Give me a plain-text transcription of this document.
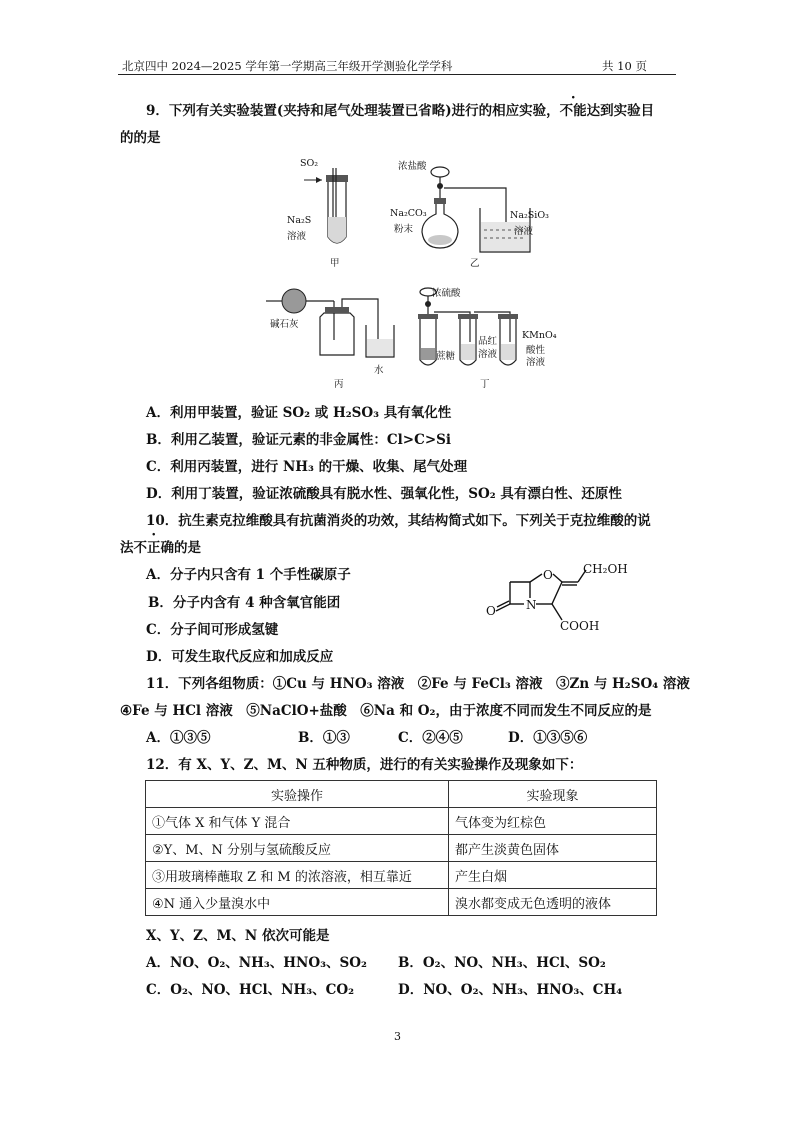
北京四中 2024—2025 学年第一学期高三年级开学测验化学学科	共 10 页
9．下列有关实验装置(夹持和尾气处理装置已省略)进行的相应实验，不能达到实验目
的的是
SO₂
Na₂S
溶液
甲
浓盐酸
Na₂CO₃
粉末
Na₂SiO₃
溶液
乙
碱石灰
水
丙
浓硫酸
蔗糖
品红
溶液
KMnO₄
酸性
溶液
丁
A．利用甲装置，验证 SO₂ 或 H₂SO₃ 具有氧化性
B．利用乙装置，验证元素的非金属性：Cl>C>Si
C．利用丙装置，进行 NH₃ 的干燥、收集、尾气处理
D．利用丁装置，验证浓硫酸具有脱水性、强氧化性，SO₂ 具有漂白性、还原性
10．抗生素克拉维酸具有抗菌消炎的功效，其结构简式如下。下列关于克拉维酸的说
法不正确的是
A．分子内只含有 1 个手性碳原子
B．分子内含有 4 种含氧官能团
C．分子间可形成氢键
D．可发生取代反应和加成反应
CH₂OH
O
N
O
COOH
11．下列各组物质：①Cu 与 HNO₃ 溶液　②Fe 与 FeCl₃ 溶液　③Zn 与 H₂SO₄ 溶液
④Fe 与 HCl 溶液　⑤NaClO+盐酸　⑥Na 和 O₂，由于浓度不同而发生不同反应的是
A．①③⑤	B．①③	C．②④⑤	D．①③⑤⑥
12．有 X、Y、Z、M、N 五种物质，进行的有关实验操作及现象如下：
实验操作	实验现象
①气体 X 和气体 Y 混合	气体变为红棕色
②Y、M、N 分别与氢硫酸反应	都产生淡黄色固体
③用玻璃棒蘸取 Z 和 M 的浓溶液，相互靠近	产生白烟
④N 通入少量溴水中	溴水都变成无色透明的液体
X、Y、Z、M、N 依次可能是
A．NO、O₂、NH₃、HNO₃、SO₂ B．O₂、NO、NH₃、HCl、SO₂
C．O₂、NO、HCl、NH₃、CO₂	D．NO、O₂、NH₃、HNO₃、CH₄
3
